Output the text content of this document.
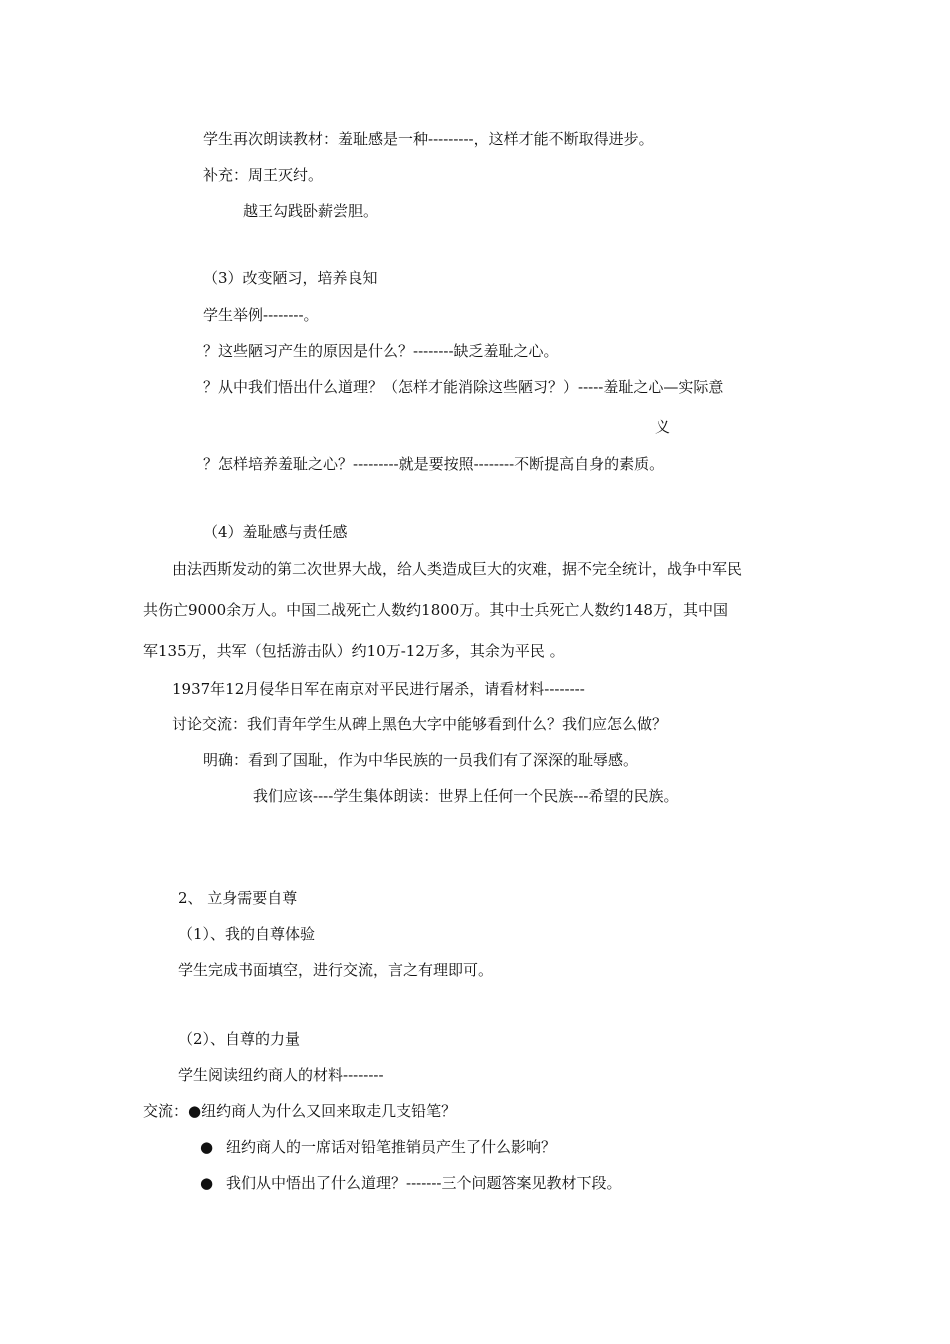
学生再次朗读教材：羞耻感是一种---------，这样才能不断取得进步。
补充：周王灭纣。
越王勾践卧薪尝胆。
（3）改变陋习，培养良知
学生举例--------。
？这些陋习产生的原因是什么？--------缺乏羞耻之心。
？从中我们悟出什么道理？（怎样才能消除这些陋习？）-----羞耻之心—实际意
义
？怎样培养羞耻之心？---------就是要按照--------不断提高自身的素质。
（4）羞耻感与责任感
由法西斯发动的第二次世界大战，给人类造成巨大的灾难，据不完全统计，战争中军民
共伤亡9000余万人。中国二战死亡人数约1800万。其中士兵死亡人数约148万，其中国
军135万，共军（包括游击队）约10万-12万多，其余为平民 。
1937年12月侵华日军在南京对平民进行屠杀，请看材料--------
讨论交流：我们青年学生从碑上黑色大字中能够看到什么？我们应怎么做？
明确：看到了国耻，作为中华民族的一员我们有了深深的耻辱感。
我们应该----学生集体朗读：世界上任何一个民族---希望的民族。
2、 立身需要自尊
（1）、我的自尊体验
学生完成书面填空，进行交流，言之有理即可。
（2）、自尊的力量
学生阅读纽约商人的材料--------
交流：●纽约商人为什么又回来取走几支铅笔？
● 纽约商人的一席话对铅笔推销员产生了什么影响？
● 我们从中悟出了什么道理？-------三个问题答案见教材下段。
